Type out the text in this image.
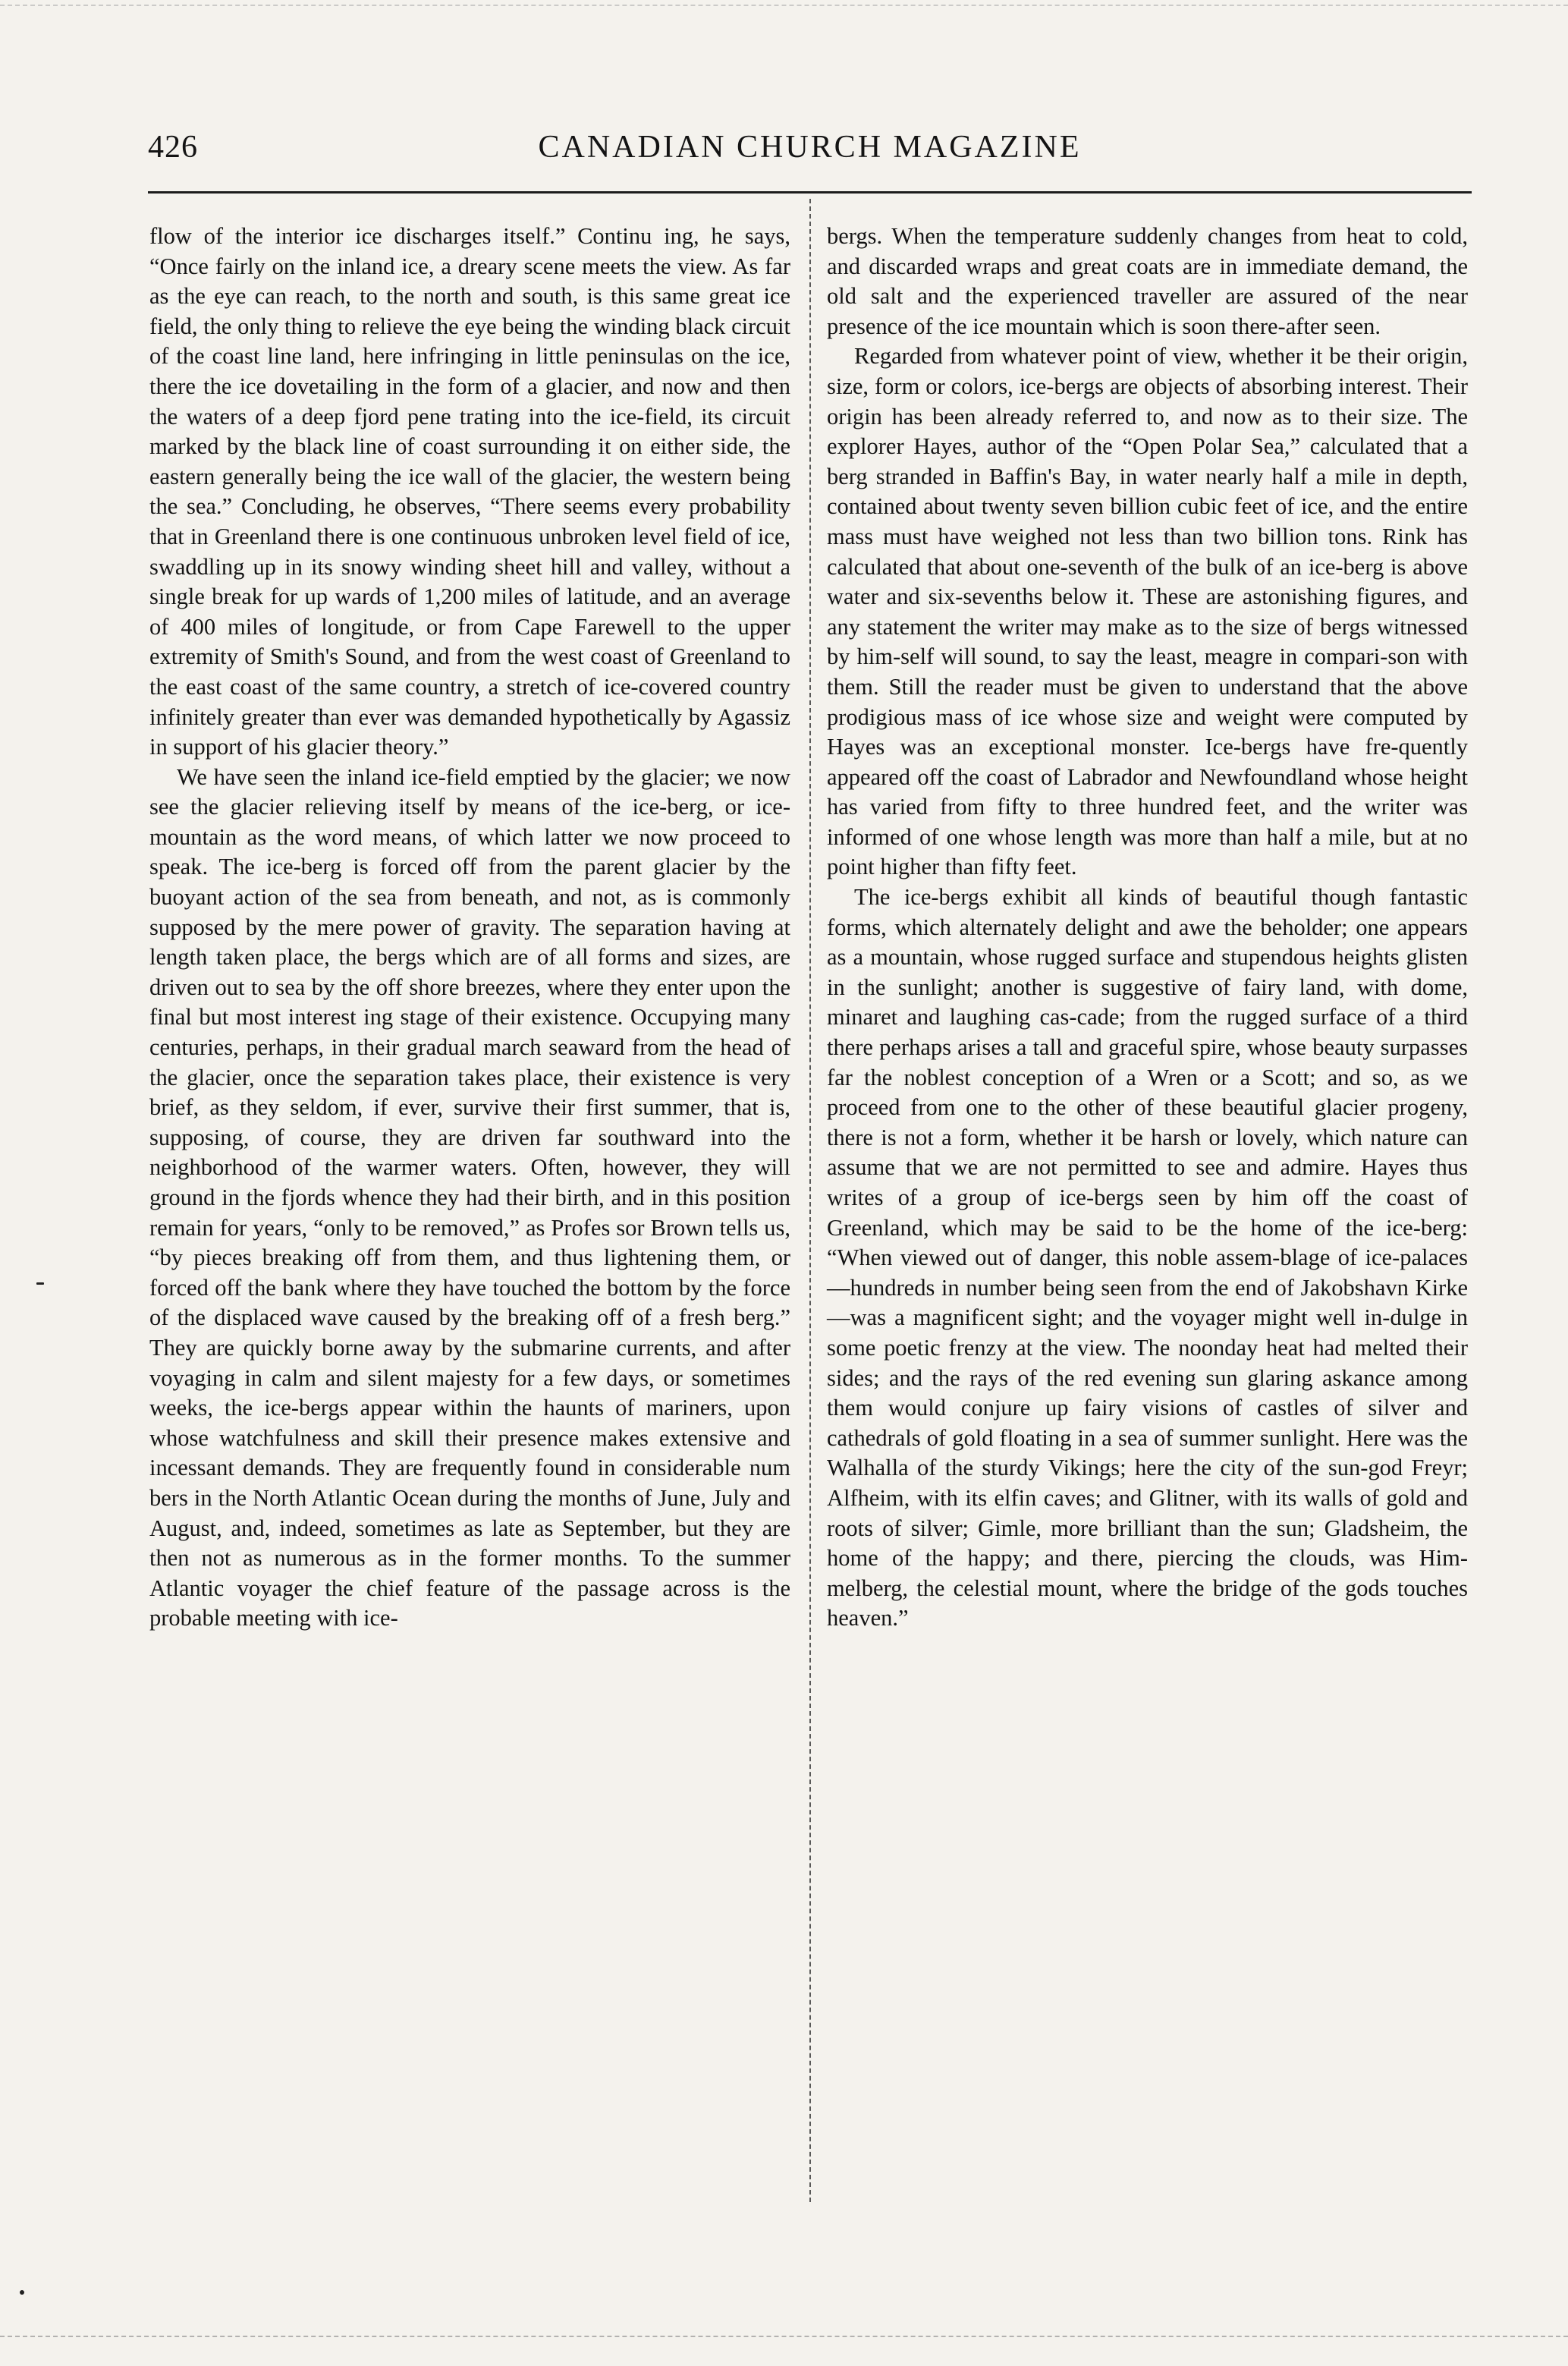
426	CANADIAN CHURCH MAGAZINE

flow of the interior ice discharges itself.” Continu ing, he says, “Once fairly on the inland ice, a dreary scene meets the view. As far as the eye can reach, to the north and south, is this same great ice field, the only thing to relieve the eye being the winding black circuit of the coast line land, here infringing in little peninsulas on the ice, there the ice dovetailing in the form of a glacier, and now and then the waters of a deep fjord pene trating into the ice-field, its circuit marked by the black line of coast surrounding it on either side, the eastern generally being the ice wall of the glacier, the western being the sea.” Concluding, he observes, “There seems every probability that in Greenland there is one continuous unbroken level field of ice, swaddling up in its snowy winding sheet hill and valley, without a single break for up wards of 1,200 miles of latitude, and an average of 400 miles of longitude, or from Cape Farewell to the upper extremity of Smith's Sound, and from the west coast of Greenland to the east coast of the same country, a stretch of ice-covered country infinitely greater than ever was demanded hypothetically by Agassiz in support of his glacier theory.”

We have seen the inland ice-field emptied by the glacier; we now see the glacier relieving itself by means of the ice-berg, or ice-mountain as the word means, of which latter we now proceed to speak. The ice-berg is forced off from the parent glacier by the buoyant action of the sea from beneath, and not, as is commonly supposed by the mere power of gravity. The separation having at length taken place, the bergs which are of all forms and sizes, are driven out to sea by the off shore breezes, where they enter upon the final but most interest ing stage of their existence. Occupying many centuries, perhaps, in their gradual march seaward from the head of the glacier, once the separation takes place, their existence is very brief, as they seldom, if ever, survive their first summer, that is, supposing, of course, they are driven far southward into the neighborhood of the warmer waters. Often, however, they will ground in the fjords whence they had their birth, and in this position remain for years, “only to be removed,” as Profes sor Brown tells us, “by pieces breaking off from them, and thus lightening them, or forced off the bank where they have touched the bottom by the force of the displaced wave caused by the breaking off of a fresh berg.” They are quickly borne away by the submarine currents, and after voyaging in calm and silent majesty for a few days, or sometimes weeks, the ice-bergs appear within the haunts of mariners, upon whose watchfulness and skill their presence makes extensive and incessant demands. They are frequently found in considerable num bers in the North Atlantic Ocean during the months of June, July and August, and, indeed, sometimes as late as September, but they are then not as numerous as in the former months. To the summer Atlantic voyager the chief feature of the passage across is the probable meeting with ice-

bergs. When the temperature suddenly changes from heat to cold, and discarded wraps and great coats are in immediate demand, the old salt and the experienced traveller are assured of the near presence of the ice mountain which is soon there-after seen.

Regarded from whatever point of view, whether it be their origin, size, form or colors, ice-bergs are objects of absorbing interest. Their origin has been already referred to, and now as to their size. The explorer Hayes, author of the “Open Polar Sea,” calculated that a berg stranded in Baffin's Bay, in water nearly half a mile in depth, contained about twenty seven billion cubic feet of ice, and the entire mass must have weighed not less than two billion tons. Rink has calculated that about one-seventh of the bulk of an ice-berg is above water and six-sevenths below it. These are astonishing figures, and any statement the writer may make as to the size of bergs witnessed by him-self will sound, to say the least, meagre in compari-son with them. Still the reader must be given to understand that the above prodigious mass of ice whose size and weight were computed by Hayes was an exceptional monster. Ice-bergs have fre-quently appeared off the coast of Labrador and Newfoundland whose height has varied from fifty to three hundred feet, and the writer was informed of one whose length was more than half a mile, but at no point higher than fifty feet.

The ice-bergs exhibit all kinds of beautiful though fantastic forms, which alternately delight and awe the beholder; one appears as a mountain, whose rugged surface and stupendous heights glisten in the sunlight; another is suggestive of fairy land, with dome, minaret and laughing cas-cade; from the rugged surface of a third there perhaps arises a tall and graceful spire, whose beauty surpasses far the noblest conception of a Wren or a Scott; and so, as we proceed from one to the other of these beautiful glacier progeny, there is not a form, whether it be harsh or lovely, which nature can assume that we are not permitted to see and admire. Hayes thus writes of a group of ice-bergs seen by him off the coast of Greenland, which may be said to be the home of the ice-berg: “When viewed out of danger, this noble assem-blage of ice-palaces—hundreds in number being seen from the end of Jakobshavn Kirke—was a magnificent sight; and the voyager might well in-dulge in some poetic frenzy at the view. The noonday heat had melted their sides; and the rays of the red evening sun glaring askance among them would conjure up fairy visions of castles of silver and cathedrals of gold floating in a sea of summer sunlight. Here was the Walhalla of the sturdy Vikings; here the city of the sun-god Freyr; Alfheim, with its elfin caves; and Glitner, with its walls of gold and roots of silver; Gimle, more brilliant than the sun; Gladsheim, the home of the happy; and there, piercing the clouds, was Him-melberg, the celestial mount, where the bridge of the gods touches heaven.”
